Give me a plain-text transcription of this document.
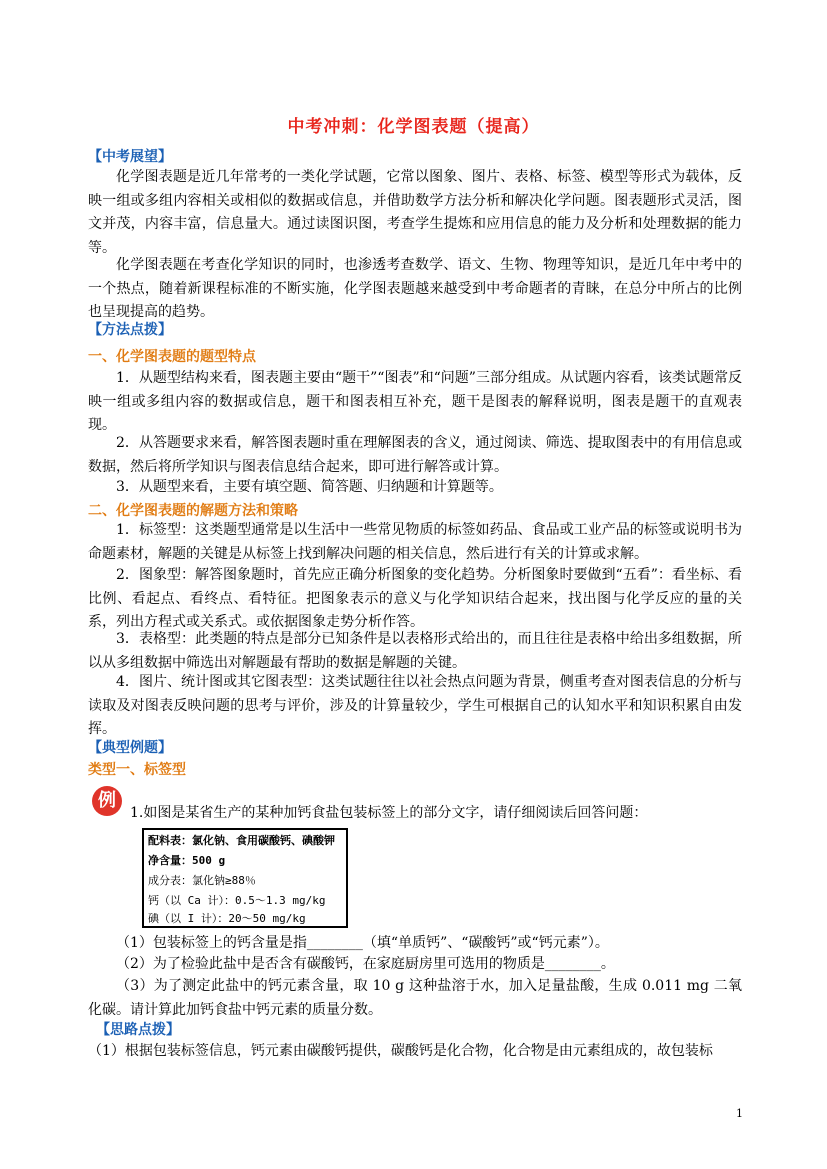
中考冲刺：化学图表题（提高）
【中考展望】
化学图表题是近几年常考的一类化学试题，它常以图象、图片、表格、标签、模型等形式为载体，反映一组或多组内容相关或相似的数据或信息，并借助数学方法分析和解决化学问题。图表题形式灵活，图文并茂，内容丰富，信息量大。通过读图识图，考查学生提炼和应用信息的能力及分析和处理数据的能力等。
化学图表题在考查化学知识的同时，也渗透考查数学、语文、生物、物理等知识，是近几年中考中的一个热点，随着新课程标准的不断实施，化学图表题越来越受到中考命题者的青睐，在总分中所占的比例也呈现提高的趋势。
【方法点拨】
一、化学图表题的题型特点
1．从题型结构来看，图表题主要由“题干”“图表”和“问题”三部分组成。从试题内容看，该类试题常反映一组或多组内容的数据或信息，题干和图表相互补充，题干是图表的解释说明，图表是题干的直观表现。
2．从答题要求来看，解答图表题时重在理解图表的含义，通过阅读、筛选、提取图表中的有用信息或数据，然后将所学知识与图表信息结合起来，即可进行解答或计算。
3．从题型来看，主要有填空题、简答题、归纳题和计算题等。
二、化学图表题的解题方法和策略
1．标签型：这类题型通常是以生活中一些常见物质的标签如药品、食品或工业产品的标签或说明书为命题素材，解题的关键是从标签上找到解决问题的相关信息，然后进行有关的计算或求解。
2．图象型：解答图象题时，首先应正确分析图象的变化趋势。分析图象时要做到“五看”：看坐标、看比例、看起点、看终点、看特征。把图象表示的意义与化学知识结合起来，找出图与化学反应的量的关系，列出方程式或关系式。或依据图象走势分析作答。
3．表格型：此类题的特点是部分已知条件是以表格形式给出的，而且往往是表格中给出多组数据，所以从多组数据中筛选出对解题最有帮助的数据是解题的关键。
4．图片、统计图或其它图表型：这类试题往往以社会热点问题为背景，侧重考查对图表信息的分析与读取及对图表反映问题的思考与评价，涉及的计算量较少，学生可根据自己的认知水平和知识积累自由发挥。
【典型例题】
类型一、标签型
例
1.如图是某省生产的某种加钙食盐包装标签上的部分文字，请仔细阅读后回答问题：
配料表：氯化钠、食用碳酸钙、碘酸钾
净含量：500 g
成分表：氯化钠≥88％
钙（以 Ca 计）：0.5～1.3 mg/kg
碘（以 I 计）：20～50 mg/kg
（1）包装标签上的钙含量是指________（填“单质钙”、“碳酸钙”或“钙元素”）。
（2）为了检验此盐中是否含有碳酸钙，在家庭厨房里可选用的物质是________。
（3）为了测定此盐中的钙元素含量，取 10 g 这种盐溶于水，加入足量盐酸，生成 0.011 mg 二氧化碳。请计算此加钙食盐中钙元素的质量分数。
【思路点拨】
（1）根据包装标签信息，钙元素由碳酸钙提供，碳酸钙是化合物，化合物是由元素组成的，故包装标
1
